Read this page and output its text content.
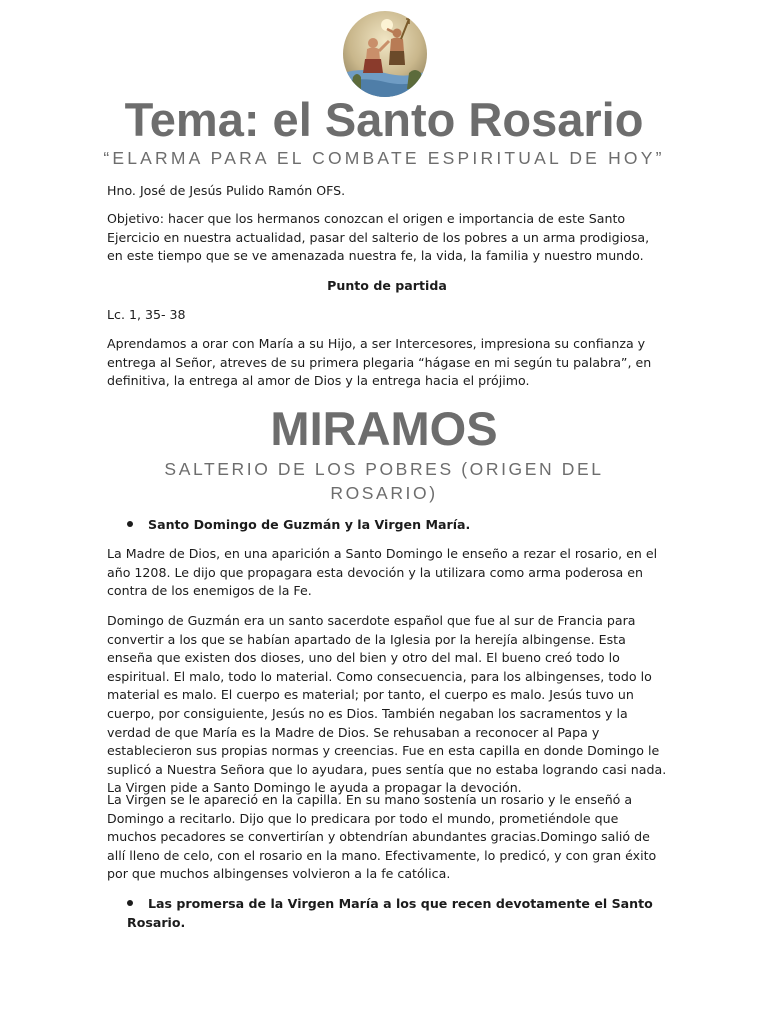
Tema: el Santo Rosario

“ELARMA PARA EL COMBATE ESPIRITUAL DE HOY”

Hno. José de Jesús Pulido Ramón OFS.

Objetivo: hacer que los hermanos conozcan el origen e importancia de este Santo Ejercicio en nuestra actualidad, pasar del salterio de los pobres a un arma prodigiosa, en este tiempo que se ve amenazada nuestra fe, la vida, la familia y nuestro mundo.

Punto de partida

Lc. 1, 35- 38

Aprendamos a orar con María a su Hijo, a ser Intercesores, impresiona su confianza y entrega al Señor, atreves de su primera plegaria “hágase en mi según tu palabra”, en definitiva, la entrega al amor de Dios y la entrega hacia el prójimo.

MIRAMOS

SALTERIO DE LOS POBRES (ORIGEN DEL ROSARIO)

Santo Domingo de Guzmán y la Virgen María.

La Madre de Dios, en una aparición a Santo Domingo le enseño a rezar el rosario, en el año 1208. Le dijo que propagara esta devoción y la utilizara como arma poderosa en contra de los enemigos de la Fe.

Domingo de Guzmán era un santo sacerdote español que fue al sur de Francia para convertir a los que se habían apartado de la Iglesia por la herejía albingense. Esta enseña que existen dos dioses, uno del bien y otro del mal. El bueno creó todo lo espiritual. El malo, todo lo material. Como consecuencia, para los albingenses, todo lo material es malo. El cuerpo es material; por tanto, el cuerpo es malo. Jesús tuvo un cuerpo, por consiguiente, Jesús no es Dios. También negaban los sacramentos y la verdad de que María es la Madre de Dios. Se rehusaban a reconocer al Papa y establecieron sus propias normas y creencias. Fue en esta capilla en donde Domingo le suplicó a Nuestra Señora que lo ayudara, pues sentía que no estaba logrando casi nada. La Virgen pide a Santo Domingo le ayuda a propagar la devoción.

La Virgen se le apareció en la capilla. En su mano sostenía un rosario y le enseñó a Domingo a recitarlo. Dijo que lo predicara por todo el mundo, prometiéndole que muchos pecadores se convertirían y obtendrían abundantes gracias.Domingo salió de allí lleno de celo, con el rosario en la mano. Efectivamente, lo predicó, y con gran éxito por que muchos albingenses volvieron a la fe católica.

Las promersa de la Virgen María a los que recen devotamente el Santo Rosario.
